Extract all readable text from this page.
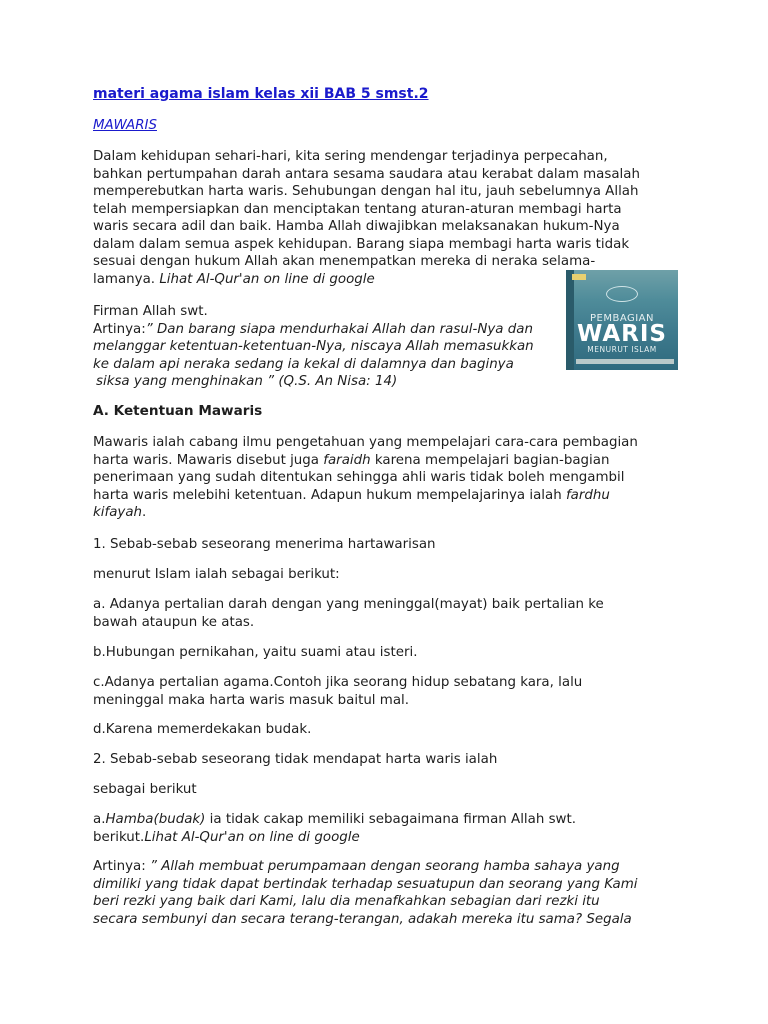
materi agama islam kelas xii BAB 5 smst.2
MAWARIS
Dalam kehidupan sehari-hari, kita sering mendengar terjadinya perpecahan,
bahkan pertumpahan darah antara sesama saudara atau kerabat dalam masalah
memperebutkan harta waris. Sehubungan dengan hal itu, jauh sebelumnya Allah
telah mempersiapkan dan menciptakan tentang aturan-aturan membagi harta
waris secara adil dan baik. Hamba Allah diwajibkan melaksanakan hukum-Nya
dalam dalam semua aspek kehidupan. Barang siapa membagi harta waris tidak
sesuai dengan hukum Allah akan menempatkan mereka di neraka selama-
lamanya. Lihat Al-Qur'an on line di google
Firman Allah swt.
Artinya:” Dan barang siapa mendurhakai Allah dan rasul-Nya dan
melanggar ketentuan-ketentuan-Nya, niscaya Allah memasukkan
ke dalam api neraka sedang ia kekal di dalamnya dan baginya
siksa yang menghinakan ” (Q.S. An Nisa: 14)
A. Ketentuan Mawaris
Mawaris ialah cabang ilmu pengetahuan yang mempelajari cara-cara pembagian
harta waris. Mawaris disebut juga faraidh karena mempelajari bagian-bagian
penerimaan yang sudah ditentukan sehingga ahli waris tidak boleh mengambil
harta waris melebihi ketentuan. Adapun hukum mempelajarinya ialah fardhu
kifayah.
1. Sebab-sebab seseorang menerima hartawarisan
menurut Islam ialah sebagai berikut:
a. Adanya pertalian darah dengan yang meninggal(mayat) baik pertalian ke
bawah ataupun ke atas.
b.Hubungan pernikahan, yaitu suami atau isteri.
c.Adanya pertalian agama.Contoh jika seorang hidup sebatang kara, lalu
meninggal maka harta waris masuk baitul mal.
d.Karena memerdekakan budak.
2. Sebab-sebab seseorang tidak mendapat harta waris ialah
sebagai berikut
a.Hamba(budak) ia tidak cakap memiliki sebagaimana firman Allah swt.
berikut.Lihat Al-Qur'an on line di google
Artinya: ” Allah membuat perumpamaan dengan seorang hamba sahaya yang
dimiliki yang tidak dapat bertindak terhadap sesuatupun dan seorang yang Kami
beri rezki yang baik dari Kami, lalu dia menafkahkan sebagian dari rezki itu
secara sembunyi dan secara terang-terangan, adakah mereka itu sama? Segala
PEMBAGIAN
WARIS
MENURUT ISLAM
